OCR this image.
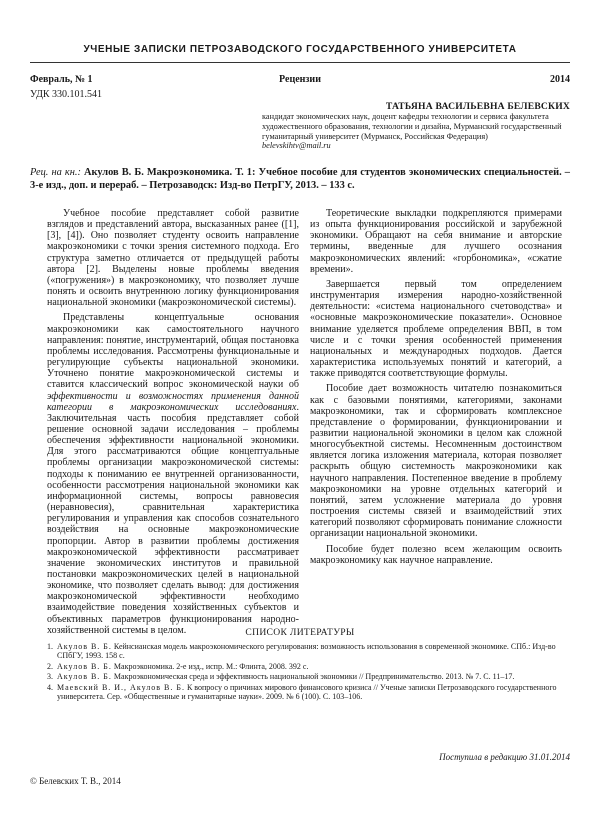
УЧЕНЫЕ ЗАПИСКИ ПЕТРОЗАВОДСКОГО ГОСУДАРСТВЕННОГО УНИВЕРСИТЕТА
Февраль, № 1	Рецензии	2014
УДК 330.101.541
ТАТЬЯНА ВАСИЛЬЕВНА БЕЛЕВСКИХ
кандидат экономических наук, доцент кафедры технологии и сервиса факультета художественного образования, технологии и дизайна, Мурманский государственный гуманитарный университет (Мурманск, Российская Федерация)
belevskihtv@mail.ru
Рец. на кн.: Акулов В. Б. Макроэкономика. Т. 1: Учебное пособие для студентов экономических специальностей. – 3-е изд., доп. и перераб. – Петрозаводск: Изд-во ПетрГУ, 2013. – 133 с.

Учебное пособие представляет собой развитие взглядов и представлений автора, высказанных ранее ([1], [3], [4]). Оно позволяет студенту освоить направление макроэкономики с точки зрения системного подхода. Его структура заметно отличается от предыдущей работы автора [2]. Выделены новые проблемы введения («погружения») в макроэкономику, что позволяет лучше понять и освоить внутреннюю логику функционирования национальной экономики (макроэкономической системы).

Представлены концептуальные основания макроэкономики как самостоятельного научного направления: понятие, инструментарий, общая постановка проблемы исследования. Рассмотрены функциональные и регулирующие субъекты национальной экономики. Уточнено понятие макроэкономической системы и ставится классический вопрос экономической науки об эффективности и возможностях применения данной категории в макроэкономических исследованиях. Заключительная часть пособия представляет собой решение основной задачи исследования – проблемы обеспечения эффективности национальной экономики. Для этого рассматриваются общие концептуальные проблемы организации макроэкономической системы: подходы к пониманию ее внутренней организованности, особенности рассмотрения национальной экономики как информационной системы, вопросы равновесия (неравновесия), сравнительная характеристика регулирования и управления как способов сознательного воздействия на основные макроэкономические пропорции. Автор в развитии проблемы достижения макроэкономической эффективности рассматривает значение экономических институтов и правильной постановки макроэкономических целей в национальной экономике, что позволяет сделать вывод: для достижения макроэкономической эффективности необходимо взаимодействие поведения хозяйственных субъектов и объективных параметров функционирования народно-хозяйственной системы в целом.

Теоретические выкладки подкрепляются примерами из опыта функционирования российской и зарубежной экономики. Обращают на себя внимание и авторские термины, введенные для лучшего осознания макроэкономических явлений: «горбономика», «сжатие времени».

Завершается первый том определением инструментария измерения народно-хозяйственной деятельности: «система национального счетоводства» и «основные макроэкономические показатели». Основное внимание уделяется проблеме определения ВВП, в том числе и с точки зрения особенностей применения национальных и международных подходов. Дается характеристика используемых понятий и категорий, а также приводятся соответствующие формулы.

Пособие дает возможность читателю познакомиться как с базовыми понятиями, категориями, законами макроэкономики, так и сформировать комплексное представление о формировании, функционировании и развитии национальной экономики в целом как сложной многосубъектной системы. Несомненным достоинством является логика изложения материала, которая позволяет раскрыть общую системность макроэкономики как научного направления. Постепенное введение в проблему макроэкономики на уровне отдельных категорий и понятий, затем усложнение материала до уровня построения системы связей и взаимодействий этих категорий позволяют сформировать понимание сложности организации национальной экономики.

Пособие будет полезно всем желающим освоить макроэкономику как научное направление.

СПИСОК ЛИТЕРАТУРЫ
1. Акулов В. Б. Кейнсианская модель макроэкономического регулирования: возможность использования в современной экономике. СПб.: Изд-во СПбГУ, 1993. 158 с.
2. Акулов В. Б. Макроэкономика. 2-е изд., испр. М.: Флинта, 2008. 392 с.
3. Акулов В. Б. Макроэкономическая среда и эффективность национальной экономики // Предпринимательство. 2013. № 7. С. 11–17.
4. Маевский В. И., Акулов В. Б. К вопросу о причинах мирового финансового кризиса // Ученые записки Петрозаводского государственного университета. Сер. «Общественные и гуманитарные науки». 2009. № 6 (100). С. 103–106.
Поступила в редакцию 31.01.2014
© Белевских Т. В., 2014
